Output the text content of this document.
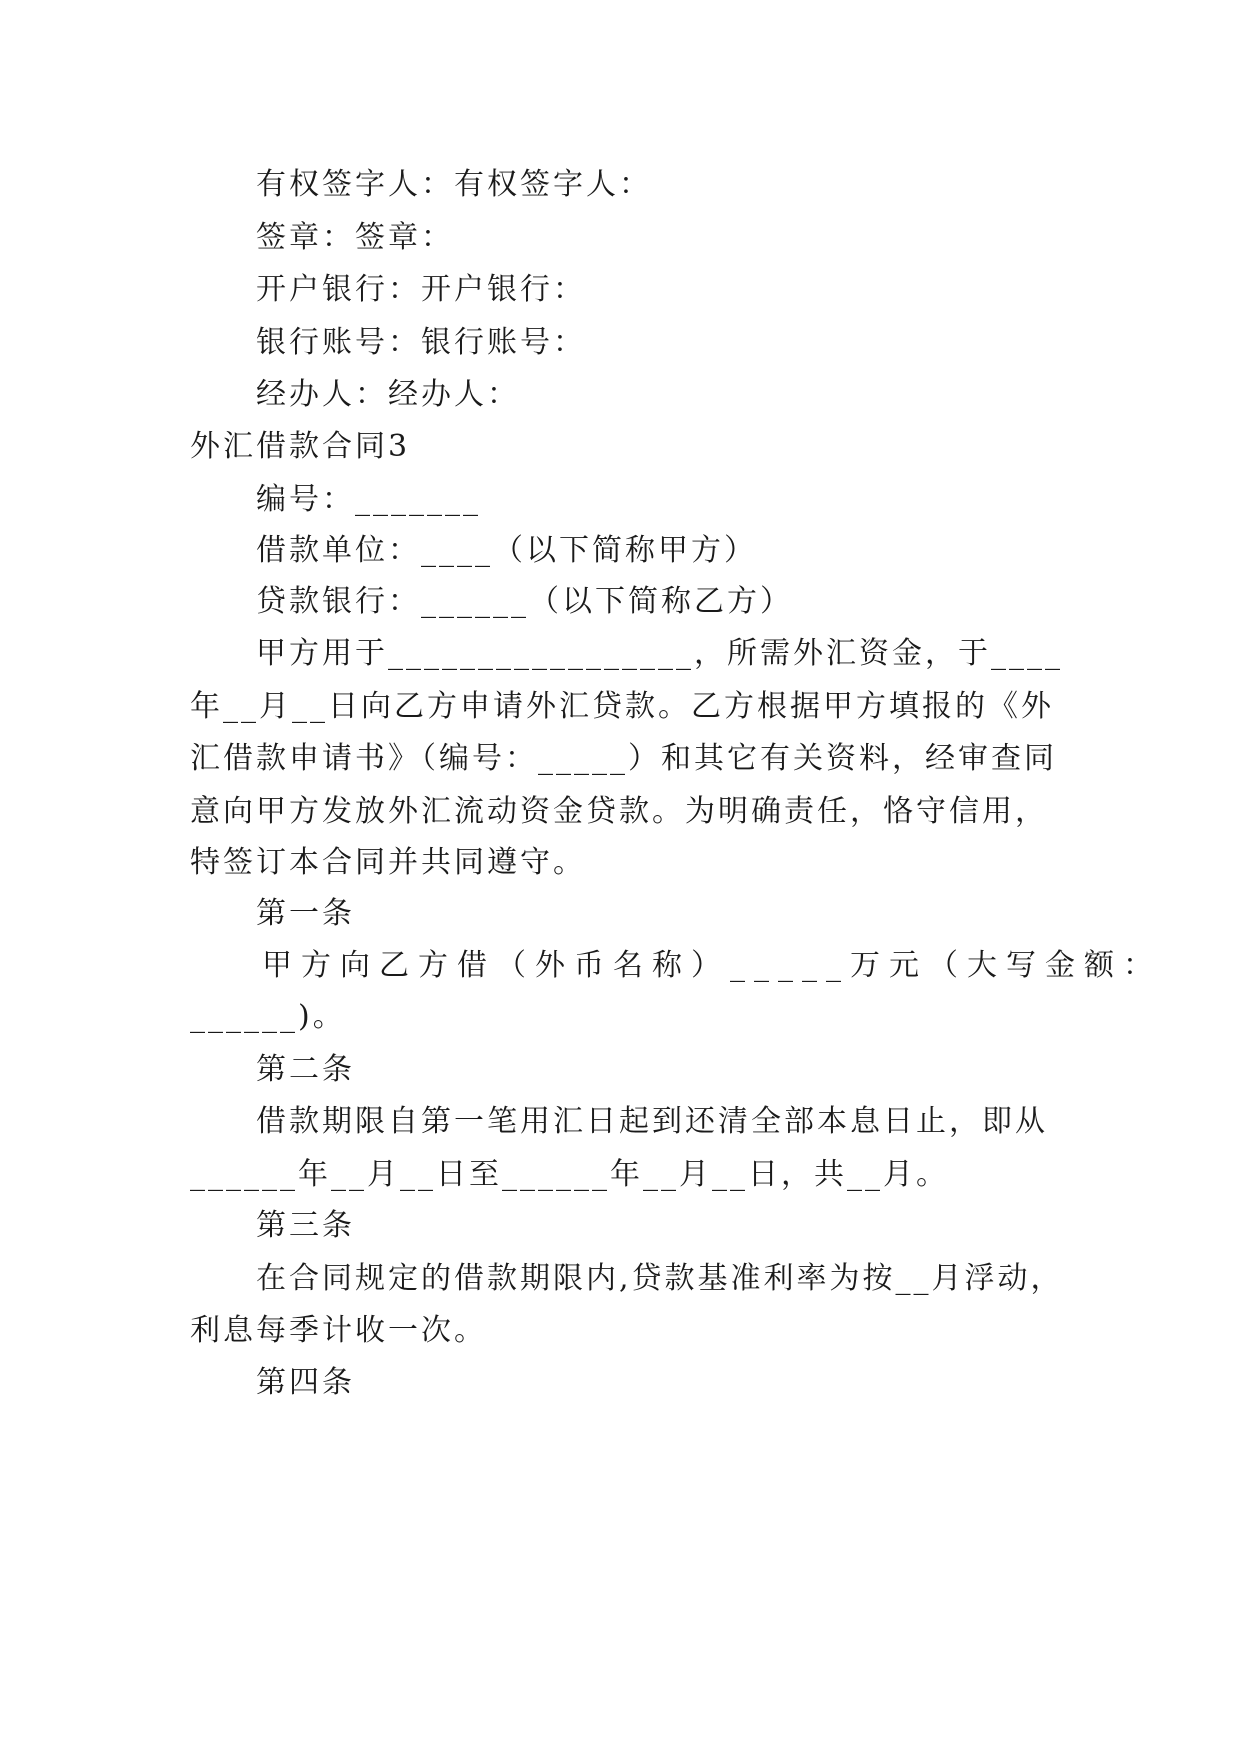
有权签字人：有权签字人：
签章：签章：
开户银行：开户银行：
银行账号：银行账号：
经办人：经办人：
外汇借款合同3
编号：_______
借款单位：____（以下简称甲方）
贷款银行：______（以下简称乙方）
甲方用于_________________，所需外汇资金，于____
年__月__日向乙方申请外汇贷款。乙方根据甲方填报的《外
汇借款申请书》（编号：_____）和其它有关资料，经审查同
意向甲方发放外汇流动资金贷款。为明确责任，恪守信用，
特签订本合同并共同遵守。
第一条
甲方向乙方借（外币名称）_____万元（大写金额：
______)。
第二条
借款期限自第一笔用汇日起到还清全部本息日止，即从
______年__月__日至______年__月__日，共__月。
第三条
在合同规定的借款期限内,贷款基准利率为按__月浮动，
利息每季计收一次。
第四条
